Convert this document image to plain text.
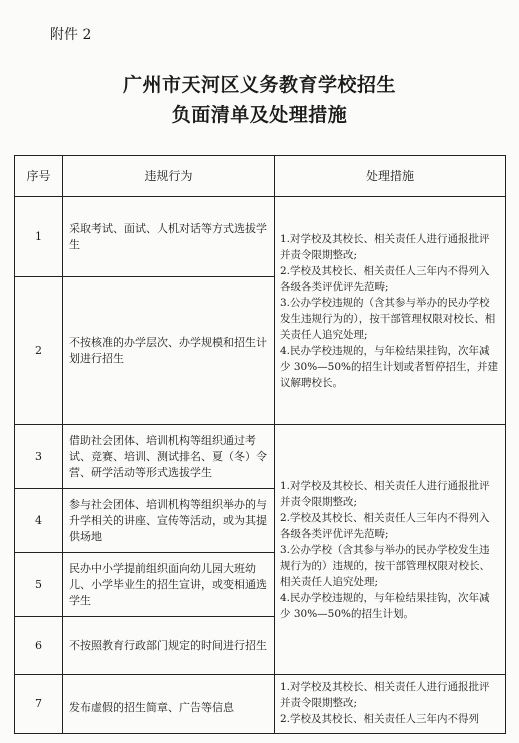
附件 2
广州市天河区义务教育学校招生
负面清单及处理措施
序号	违规行为	处理措施
1	采取考试、面试、人机对话等方式选拔学生	1.对学校及其校长、相关责任人进行通报批评并责令限期整改;
2.学校及其校长、相关责任人三年内不得列入各级各类评优评先范畴;
3.公办学校违规的（含其参与举办的民办学校发生违规行为的），按干部管理权限对校长、相关责任人追究处理;
4.民办学校违规的，与年检结果挂钩，次年减少 30%—50%的招生计划或者暂停招生，并建议解聘校长。

2	不按核准的办学层次、办学规模和招生计划进行招生	
3	借助社会团体、培训机构等组织通过考试、竞赛、培训、测试排名、夏（冬）令营、研学活动等形式选拔学生	1.对学校及其校长、相关责任人进行通报批评并责令限期整改;
2.学校及其校长、相关责任人三年内不得列入各级各类评优评先范畴;
3.公办学校（含其参与举办的民办学校发生违规行为的）违规的，按干部管理权限对校长、相关责任人追究处理;
4.民办学校违规的，与年检结果挂钩，次年减少 30%—50%的招生计划。

4	参与社会团体、培训机构等组织举办的与升学相关的讲座、宣传等活动，或为其提供场地	
5	民办中小学提前组织面向幼儿园大班幼儿、小学毕业生的招生宣讲，或变相通选学生	
6	不按照教育行政部门规定的时间进行招生	
7	发布虚假的招生简章、广告等信息	1.对学校及其校长、相关责任人进行通报批评并责令限期整改;
2.学校及其校长、相关责任人三年内不得列
